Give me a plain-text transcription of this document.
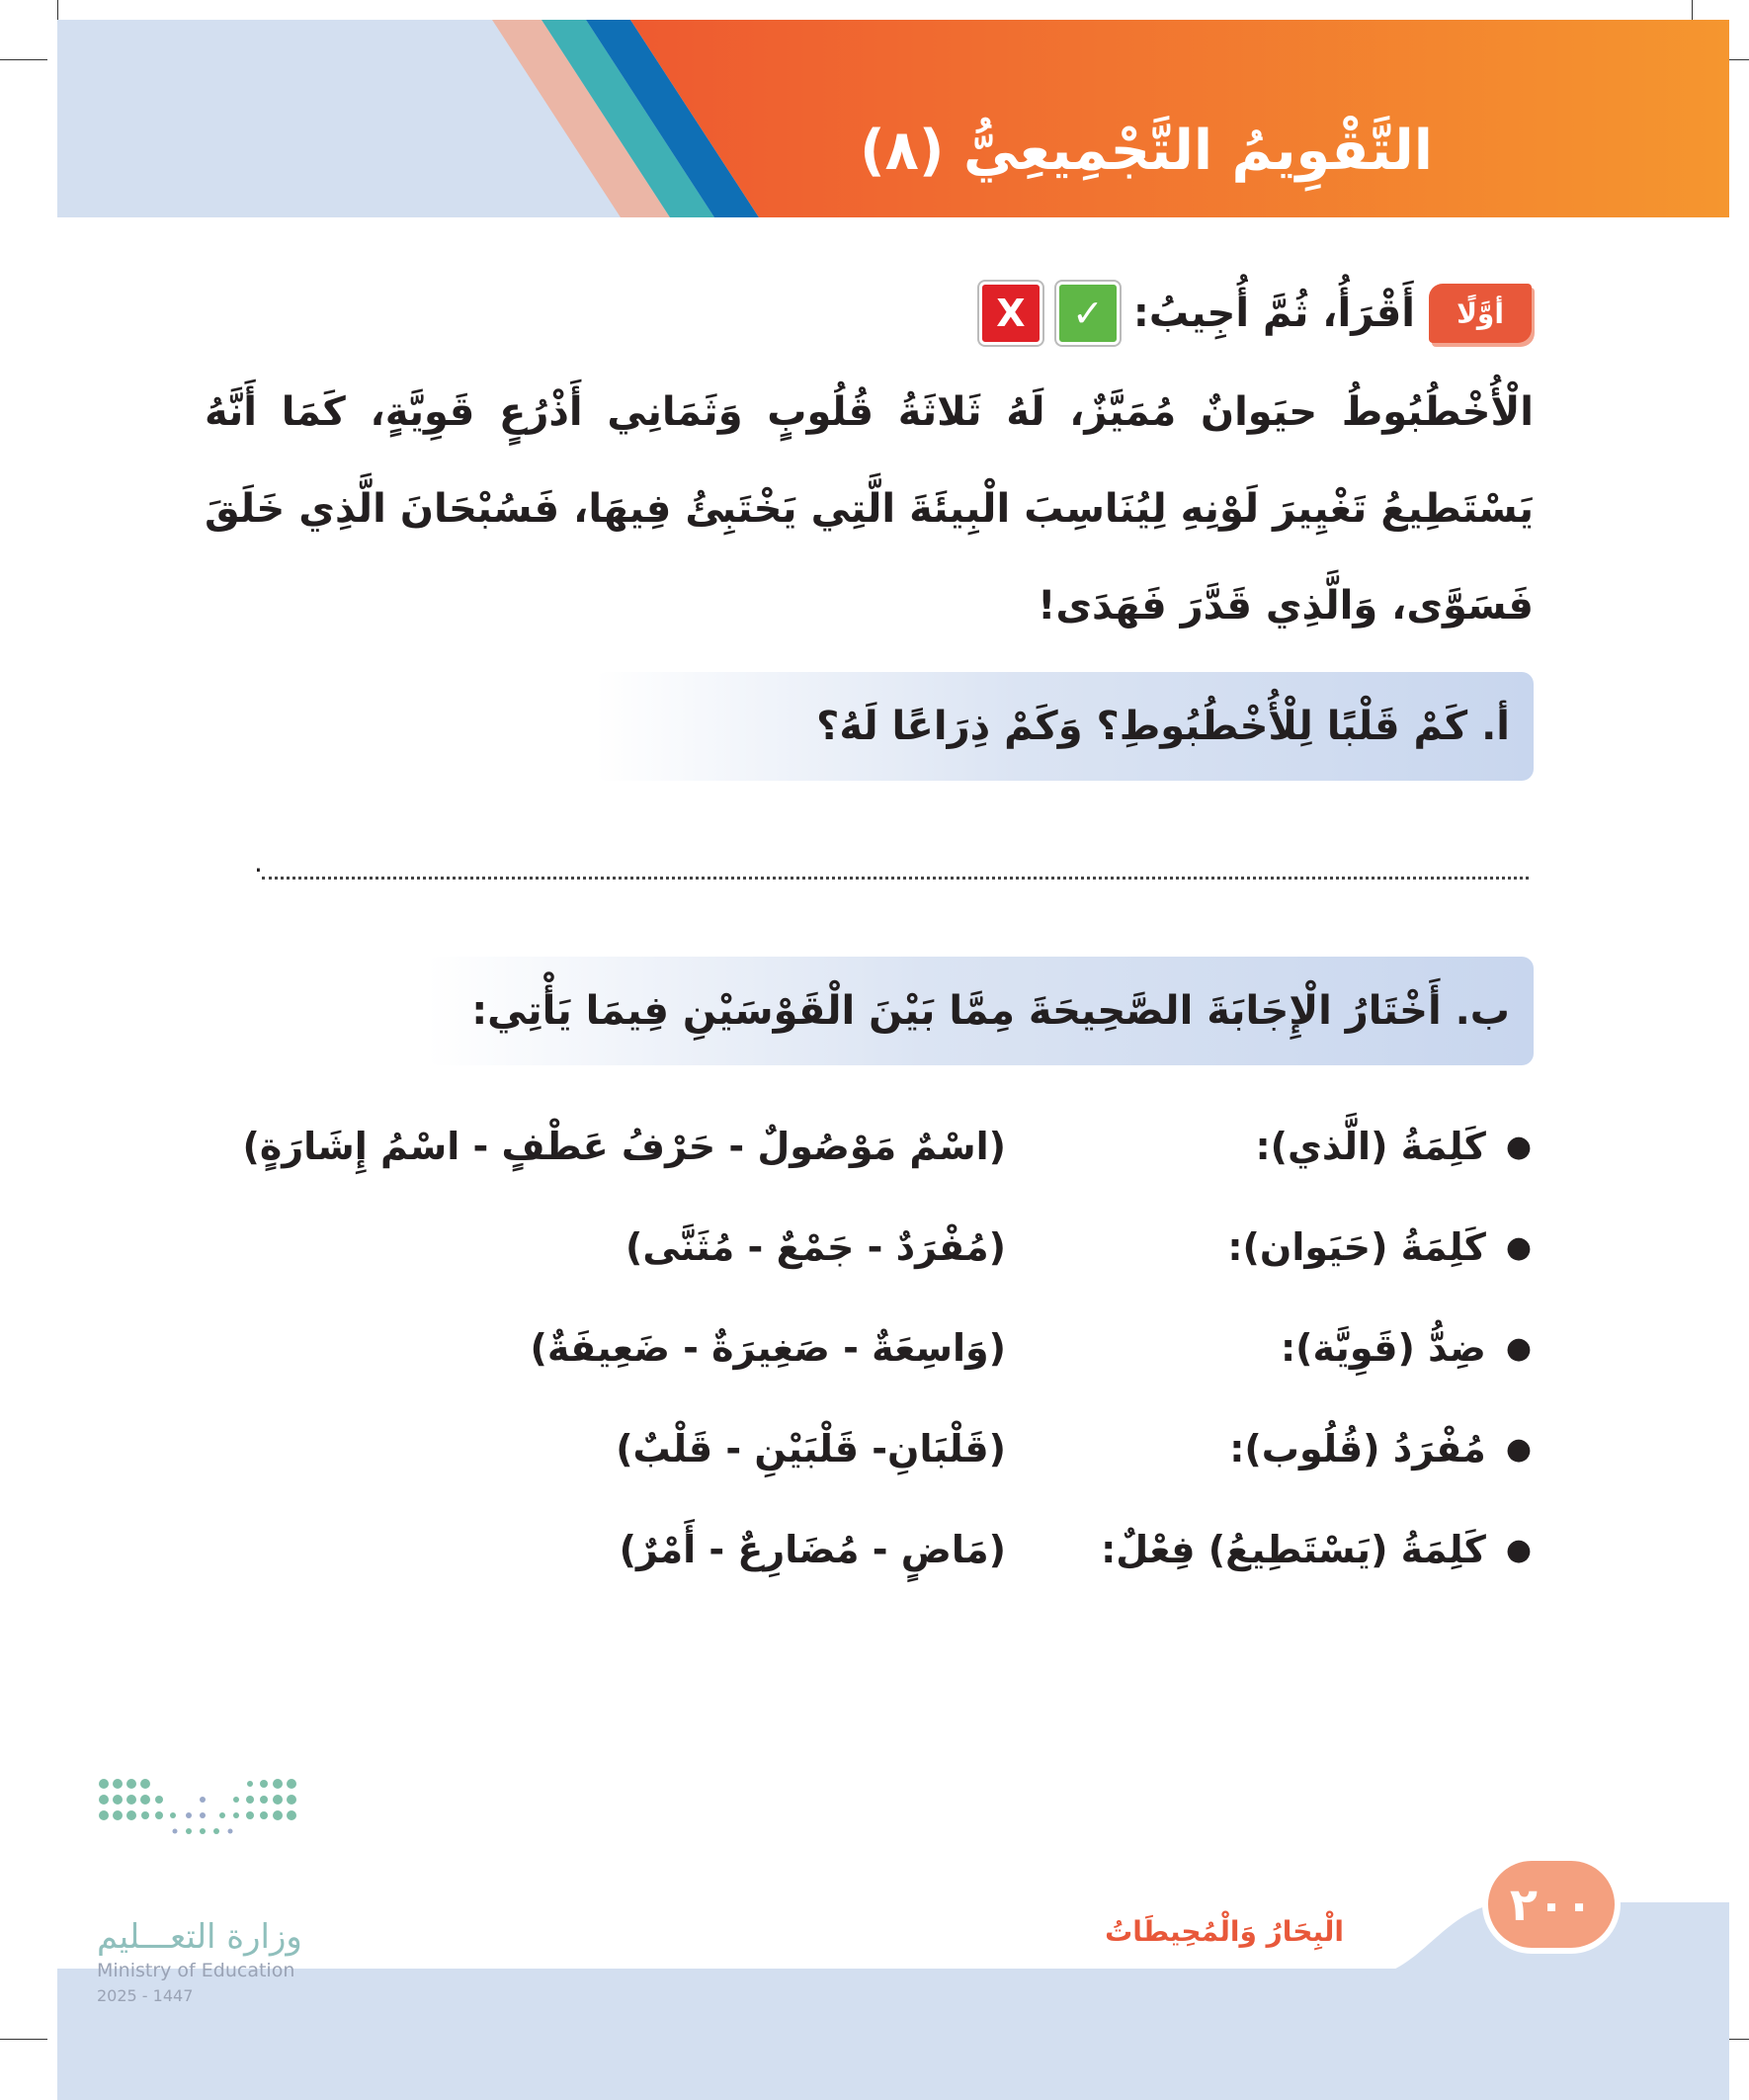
التَّقْوِيمُ التَّجْمِيعِيُّ (٨)
أوَّلًا
أَقْرَأُ، ثُمَّ أُجِيبُ:
✓
X

الْأُخْطُبُوطُ حيَوانٌ مُمَيَّزٌ، لَهُ ثَلاثَةُ قُلُوبٍ وَثَمَانِي أَذْرُعٍ قَوِيَّةٍ، كَمَا أَنَّهُ يَسْتَطِيعُ تَغْيِيرَ لَوْنِهِ لِيُنَاسِبَ الْبِيئَةَ الَّتِي يَخْتَبِئُ فِيهَا، فَسُبْحَانَ الَّذِي خَلَقَ فَسَوَّى، وَالَّذِي قَدَّرَ فَهَدَى!

أ. كَمْ قَلْبًا لِلْأُخْطُبُوطِ؟ وَكَمْ ذِرَاعًا لَهُ؟
.
ب. أَخْتَارُ الْإِجَابَةَ الصَّحِيحَةَ مِمَّا بَيْنَ الْقَوْسَيْنِ فِيمَا يَأْتِي:
●
كَلِمَةُ (الَّذي):
(اسْمٌ مَوْصُولٌ - حَرْفُ عَطْفٍ - اسْمُ إِشَارَةٍ)
●
كَلِمَةُ (حَيَوان):
(مُفْرَدٌ - جَمْعٌ - مُثَنَّى)
●
ضِدُّ (قَوِيَّة):
(وَاسِعَةٌ - صَغِيرَةٌ - ضَعِيفَةٌ)
●
مُفْرَدُ (قُلُوب):
(قَلْبَانِ- قَلْبَيْنِ - قَلْبٌ)
●
كَلِمَةُ (يَسْتَطِيعُ) فِعْلٌ:
(مَاضٍ - مُضَارِعٌ - أَمْرٌ)
٢٠٠
الْبِحَارُ وَالْمُحِيطَاتُ
وزارة التعـــليم
Ministry of Education
2025 - 1447
